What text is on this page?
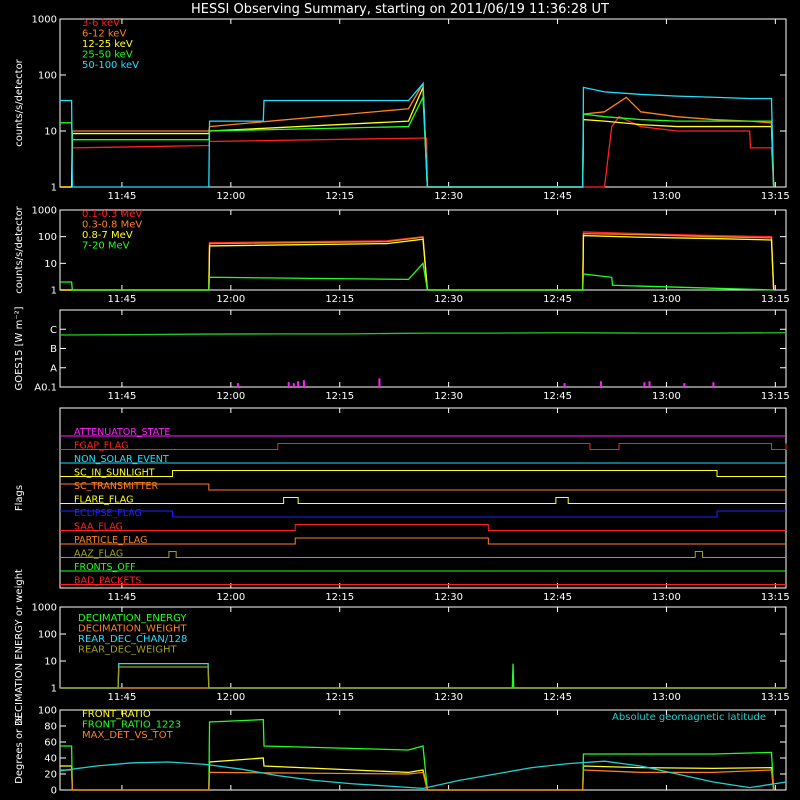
HESSI Observing Summary, starting on 2011/06/19 11:36:28 UT
counts/s/detector
11:45	12:00	12:15	12:30	12:45	13:00	13:15
1
10
100
1000	3-6 keV
6-12 keV
12-25 keV
25-50 keV
50-100 keV
counts/s/detector
11:45	12:00	12:15	12:30	12:45	13:00	13:15
1
10
100
1000	0.1-0.3 MeV
0.3-0.8 MeV
0.8-7 MeV
7-20 MeV
GOES15 [W m⁻²]
11:45	12:00	12:15	12:30	12:45	13:00	13:15
A0.1
A
B
C
Flags
11:45	12:00	12:15	12:30	12:45	13:00	13:15
ATTENUATOR_STATE
FGAP_FLAG
NON_SOLAR_EVENT
SC_IN_SUNLIGHT
SC_TRANSMITTER
FLARE_FLAG
ECLIPSE_FLAG
SAA_FLAG
PARTICLE_FLAG
AAZ_FLAG
FRONTS_OFF
BAD_PACKETS
DECIMATION ENERGY or weight	11:45	12:00	12:15	12:30	12:45	13:00	13:15
1
10
100
1000
DECIMATION_ENERGY
DECIMATION_WEIGHT
REAR_DEC_CHAN/128
REAR_DEC_WEIGHT
Degrees or %
0
20
40
60
80
100	FRONT_RATIO
FRONT_RATIO_1223
MAX_DET_VS_TOT
Absolute geomagnetic latitude
